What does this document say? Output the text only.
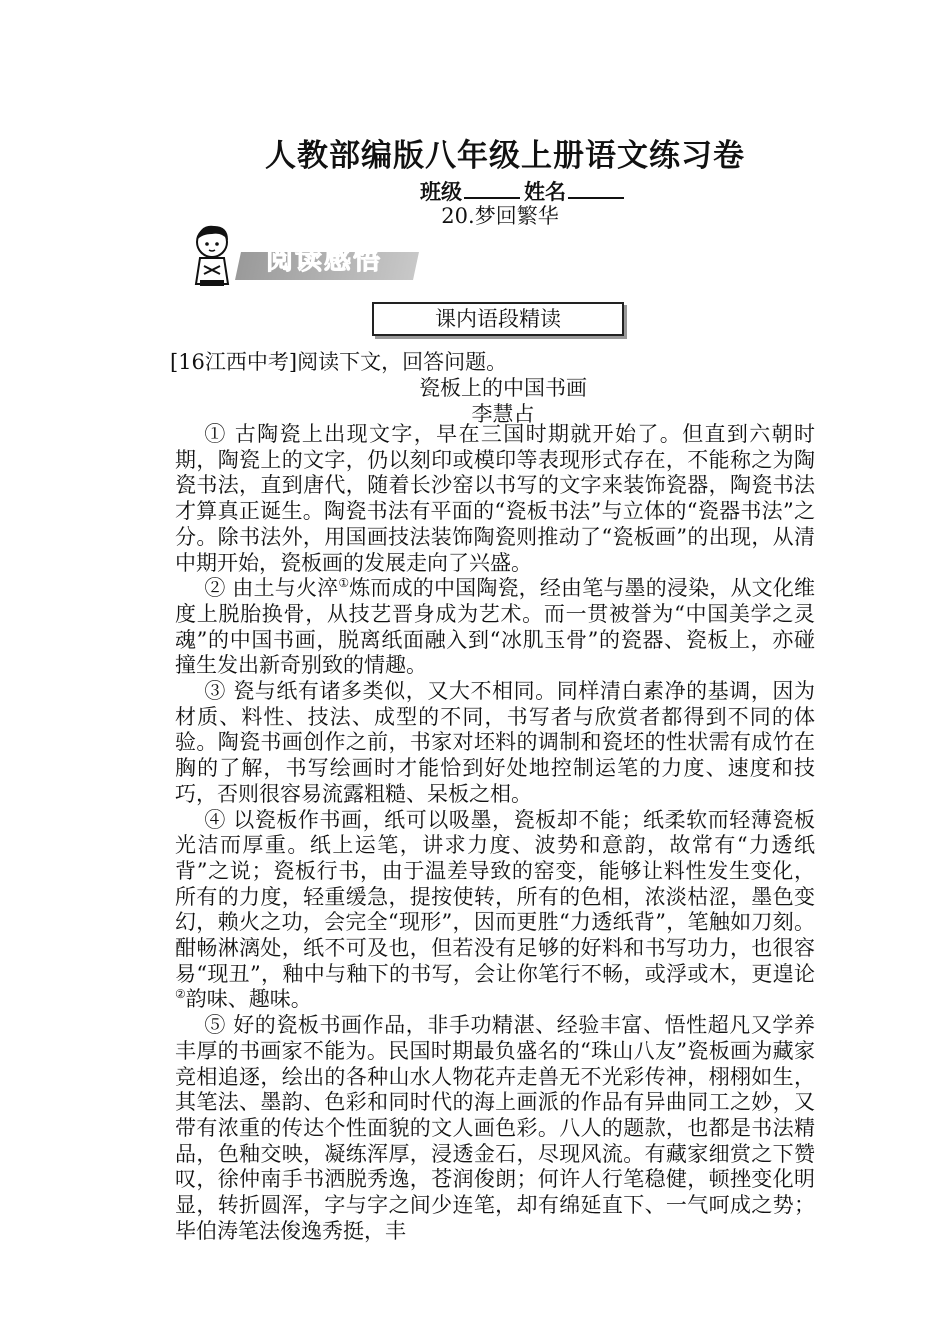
人教部编版八年级上册语文练习卷
班级	姓名
20.梦回繁华
阅读感悟
课内语段精读
[16江西中考]阅读下文，回答问题。
瓷板上的中国书画
李慧占

① 古陶瓷上出现文字，早在三国时期就开始了。但直到六朝时期，陶瓷上的文字，仍以刻印或模印等表现形式存在，不能称之为陶瓷书法，直到唐代，随着长沙窑以书写的文字来装饰瓷器，陶瓷书法才算真正诞生。陶瓷书法有平面的“瓷板书法”与立体的“瓷器书法”之分。除书法外，用国画技法装饰陶瓷则推动了“瓷板画”的出现，从清中期开始，瓷板画的发展走向了兴盛。

② 由土与火淬①炼而成的中国陶瓷，经由笔与墨的浸染，从文化维度上脱胎换骨，从技艺晋身成为艺术。而一贯被誉为“中国美学之灵魂”的中国书画，脱离纸面融入到“冰肌玉骨”的瓷器、瓷板上，亦碰撞生发出新奇别致的情趣。

③ 瓷与纸有诸多类似，又大不相同。同样清白素净的基调，因为材质、料性、技法、成型的不同，书写者与欣赏者都得到不同的体验。陶瓷书画创作之前，书家对坯料的调制和瓷坯的性状需有成竹在胸的了解，书写绘画时才能恰到好处地控制运笔的力度、速度和技巧，否则很容易流露粗糙、呆板之相。

④ 以瓷板作书画，纸可以吸墨，瓷板却不能；纸柔软而轻薄瓷板光洁而厚重。纸上运笔，讲求力度、波势和意韵，故常有“力透纸背”之说；瓷板行书，由于温差导致的窑变，能够让料性发生变化，所有的力度，轻重缓急，提按使转，所有的色相，浓淡枯涩，墨色变幻，赖火之功，会完全“现形”，因而更胜“力透纸背”，笔触如刀刻。酣畅淋漓处，纸不可及也，但若没有足够的好料和书写功力，也很容易“现丑”，釉中与釉下的书写，会让你笔行不畅，或浮或木，更遑论②韵味、趣味。

⑤ 好的瓷板书画作品，非手功精湛、经验丰富、悟性超凡又学养丰厚的书画家不能为。民国时期最负盛名的“珠山八友”瓷板画为藏家竞相追逐，绘出的各种山水人物花卉走兽无不光彩传神，栩栩如生，其笔法、墨韵、色彩和同时代的海上画派的作品有异曲同工之妙，又带有浓重的传达个性面貌的文人画色彩。八人的题款，也都是书法精品，色釉交映，凝练浑厚，浸透金石，尽现风流。有藏家细赏之下赞叹，徐仲南手书洒脱秀逸，苍润俊朗；何许人行笔稳健，顿挫变化明显，转折圆浑，字与字之间少连笔，却有绵延直下、一气呵成之势；毕伯涛笔法俊逸秀挺，丰
